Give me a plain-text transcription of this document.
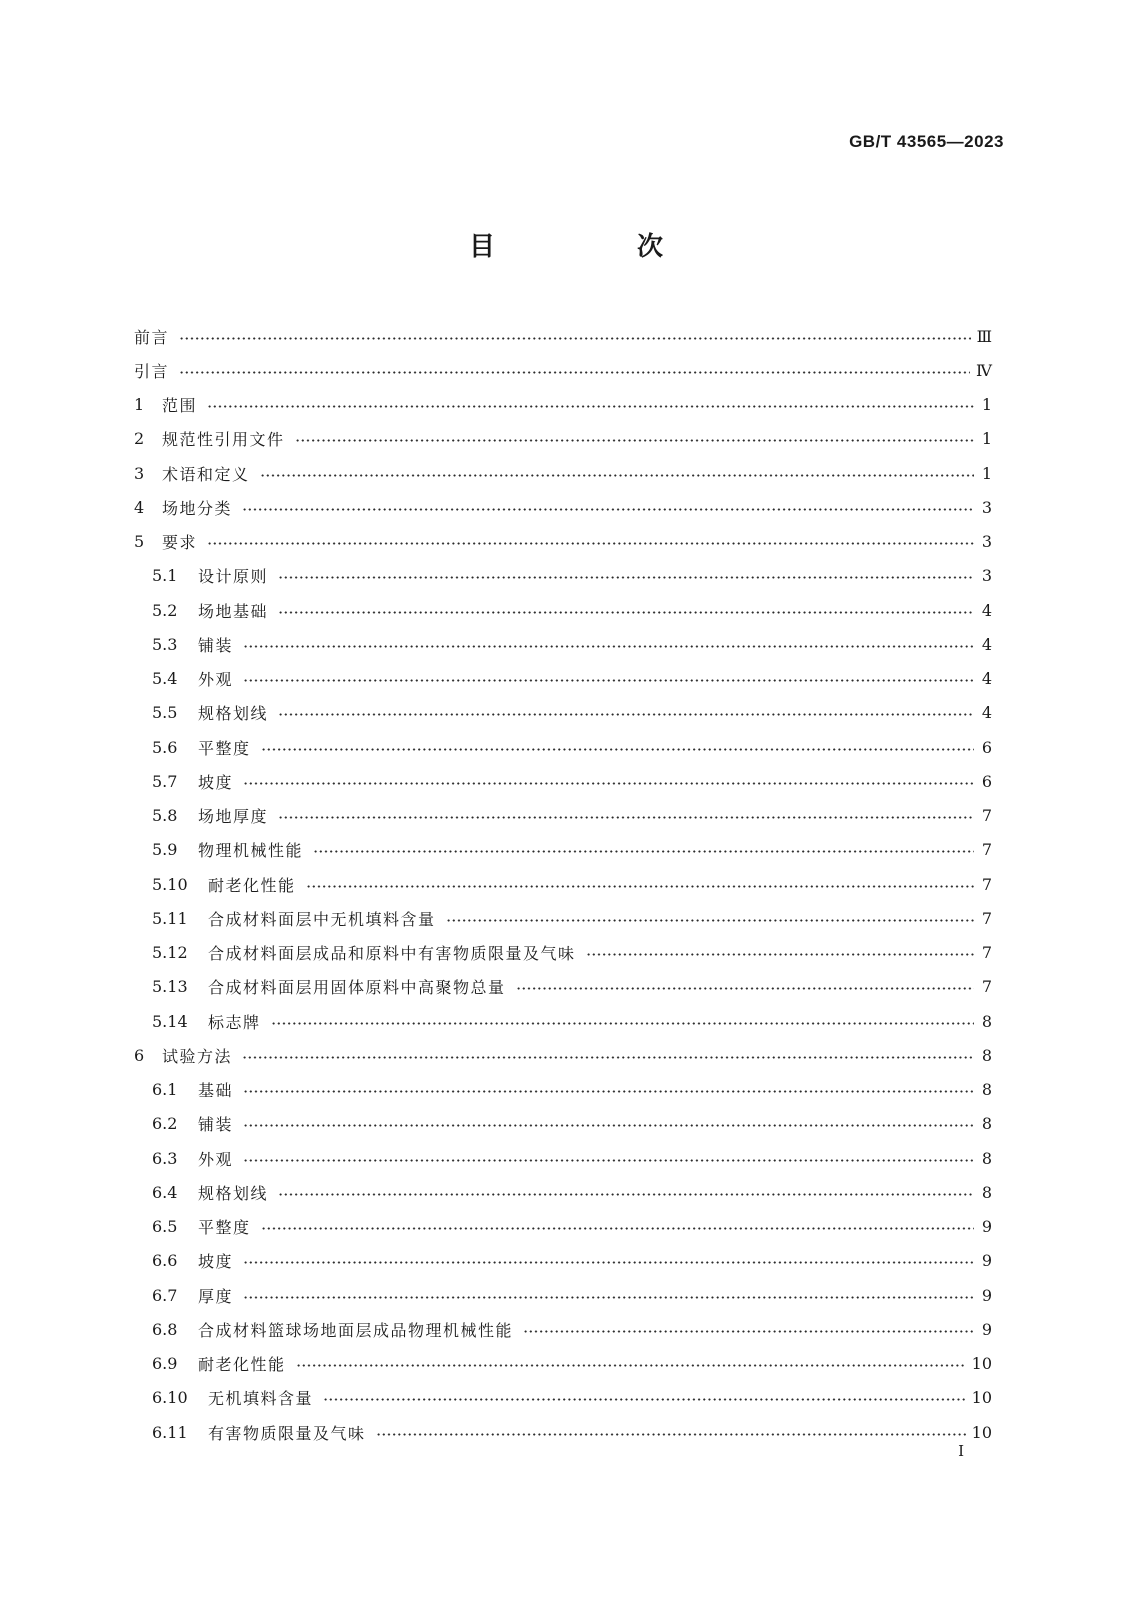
GB/T 43565—2023
目　次
前言	Ⅲ
引言	Ⅳ
1	范围	1
2	规范性引用文件	1
3	术语和定义	1
4	场地分类	3
5	要求	3
5.1	设计原则	3
5.2	场地基础	4
5.3	铺装	4
5.4	外观	4
5.5	规格划线	4
5.6	平整度	6
5.7	坡度	6
5.8	场地厚度	7
5.9	物理机械性能	7
5.10	耐老化性能	7
5.11	合成材料面层中无机填料含量	7
5.12	合成材料面层成品和原料中有害物质限量及气味	7
5.13	合成材料面层用固体原料中高聚物总量	7
5.14	标志牌	8
6	试验方法	8
6.1	基础	8
6.2	铺装	8
6.3	外观	8
6.4	规格划线	8
6.5	平整度	9
6.6	坡度	9
6.7	厚度	9
6.8	合成材料篮球场地面层成品物理机械性能	9
6.9	耐老化性能	10
6.10	无机填料含量	10
6.11	有害物质限量及气味	10
I
